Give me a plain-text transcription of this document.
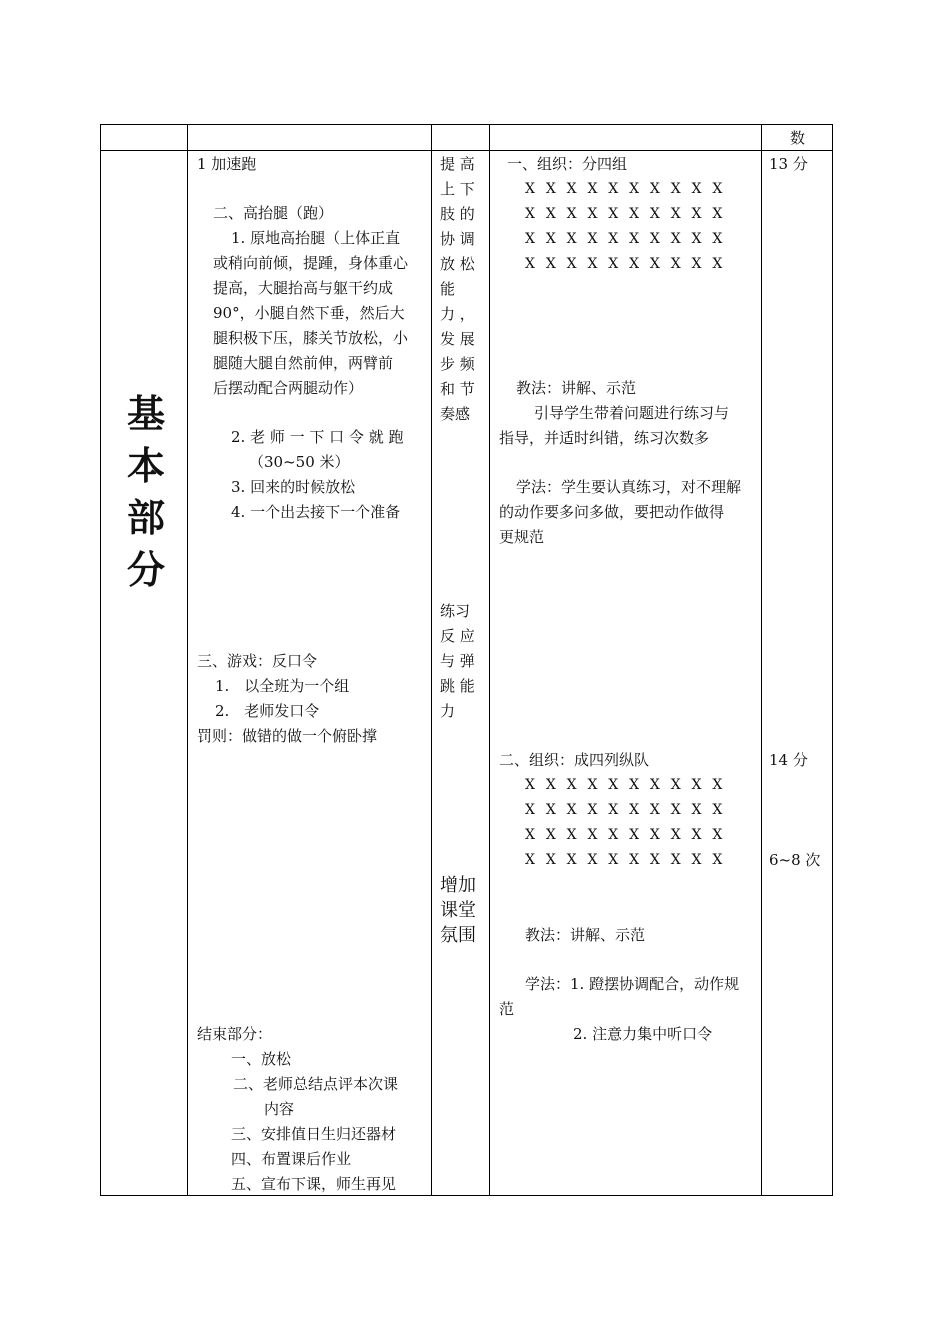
数
基
本
部
分
1 加速跑
二、高抬腿（跑）
1. 原地高抬腿（上体正直
或稍向前倾，提踵，身体重心
提高，大腿抬高与躯干约成
90°，小腿自然下垂，然后大
腿积极下压，膝关节放松，小
腿随大腿自然前伸，两臂前
后摆动配合两腿动作）
2. 老 师 一 下 口 令 就 跑
（30~50 米）
3. 回来的时候放松
4. 一个出去接下一个准备
三、游戏：反口令
1.　以全班为一个组
2.　老师发口令
罚则：做错的做一个俯卧撑
结束部分：
一、放松
二、老师总结点评本次课
内容
三、安排值日生归还器材
四、布置课后作业
五、宣布下课，师生再见
提 高
上 下
肢 的
协 调
放 松
能
力 ，
发 展
步 频
和 节
奏感
练习
反 应
与 弹
跳 能
力
增加
课堂
氛围
一、组织：分四组
X X X X X X X X X X
X X X X X X X X X X
X X X X X X X X X X
X X X X X X X X X X
教法：讲解、示范
引导学生带着问题进行练习与
指导，并适时纠错，练习次数多
学法：学生要认真练习，对不理解
的动作要多问多做，要把动作做得
更规范
二、组织：成四列纵队
X X X X X X X X X X
X X X X X X X X X X
X X X X X X X X X X
X X X X X X X X X X
教法：讲解、示范
学法：1. 蹬摆协调配合，动作规
范
2. 注意力集中听口令
13 分
14 分
6~8 次
